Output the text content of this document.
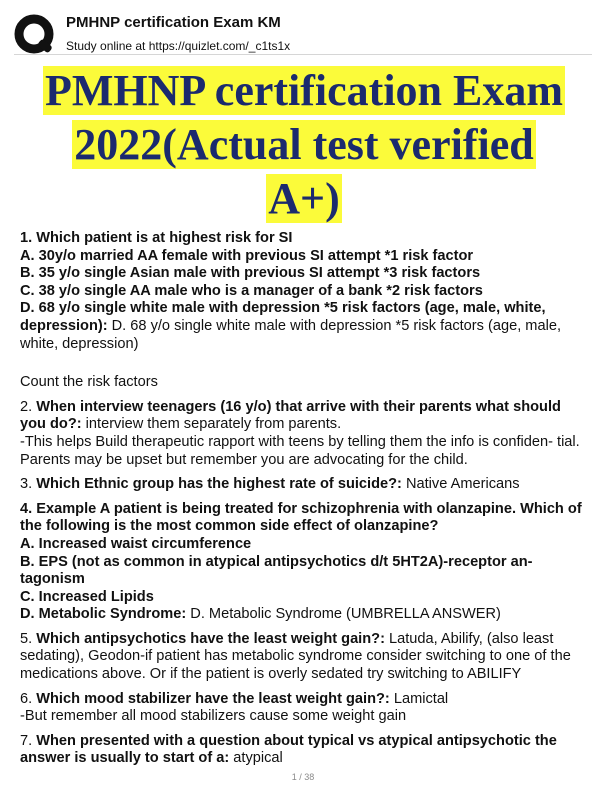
PMHNP certification Exam KM
Study online at https://quizlet.com/_c1ts1x
PMHNP certification Exam
2022(Actual test verified
A+)

1. Which patient is at highest risk for SI
A. 30y/o married AA female with previous SI attempt *1 risk factor
B. 35 y/o single Asian male with previous SI attempt *3 risk factors
C. 38 y/o single AA male who is a manager of a bank *2 risk factors
D. 68 y/o single white male with depression *5 risk factors (age, male, white, depression): D. 68 y/o single white male with depression *5 risk factors (age, male, white, depression)

Count the risk factors

2. When interview teenagers (16 y/o) that arrive with their parents what should you do?: interview them separately from parents.
-This helps Build therapeutic rapport with teens by telling them the info is confiden- tial. Parents may be upset but remember you are advocating for the child.

3. Which Ethnic group has the highest rate of suicide?: Native Americans

4. Example A patient is being treated for schizophrenia with olanzapine. Which of the following is the most common side effect of olanzapine?
A. Increased waist circumference
B. EPS (not as common in atypical antipsychotics d/t 5HT2A)-receptor an- tagonism
C. Increased Lipids
D. Metabolic Syndrome: D. Metabolic Syndrome (UMBRELLA ANSWER)

5. Which antipsychotics have the least weight gain?: Latuda, Abilify, (also least sedating), Geodon-if patient has metabolic syndrome consider switching to one of the medications above. Or if the patient is overly sedated try switching to ABILIFY

6. Which mood stabilizer have the least weight gain?: Lamictal
-But remember all mood stabilizers cause some weight gain

7. When presented with a question about typical vs atypical antipsychotic the answer is usually to start of a: atypical

1 / 38
